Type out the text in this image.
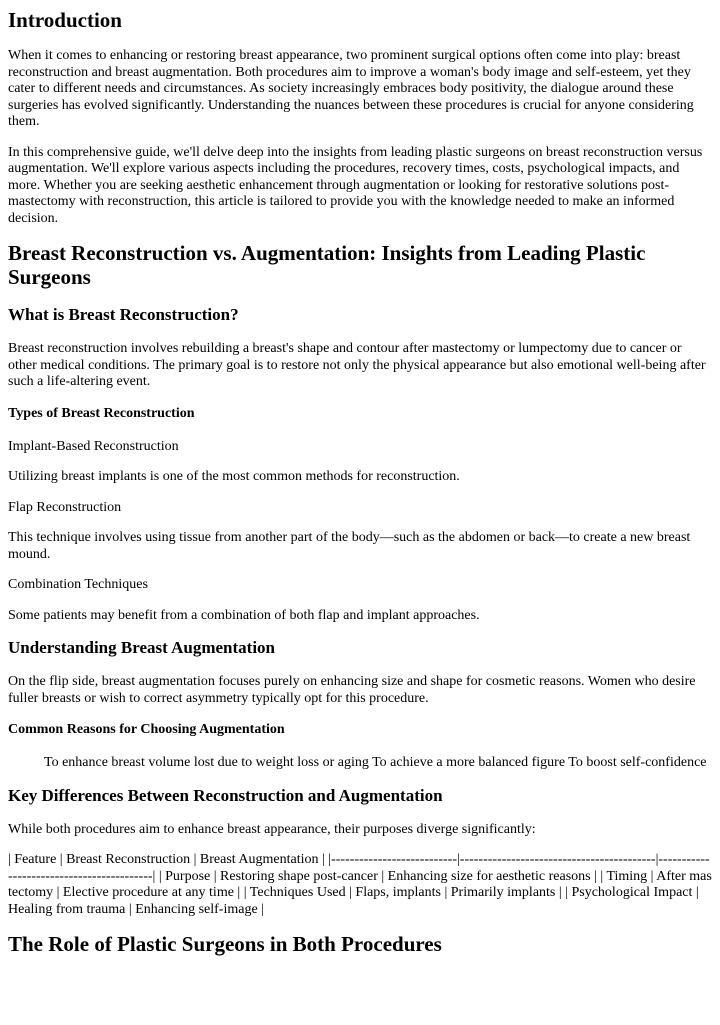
Introduction

When it comes to enhancing or restoring breast appearance, two prominent surgical options often come into play: breast reconstruction and breast augmentation. Both procedures aim to improve a woman's body image and self-esteem, yet they cater to different needs and circumstances. As society increasingly embraces body positivity, the dialogue around these surgeries has evolved significantly. Understanding the nuances between these procedures is crucial for anyone considering them.

In this comprehensive guide, we'll delve deep into the insights from leading plastic surgeons on breast reconstruction versus augmentation. We'll explore various aspects including the procedures, recovery times, costs, psychological impacts, and more. Whether you are seeking aesthetic enhancement through augmentation or looking for restorative solutions post-mastectomy with reconstruction, this article is tailored to provide you with the knowledge needed to make an informed decision.

Breast Reconstruction vs. Augmentation: Insights from Leading Plastic Surgeons
What is Breast Reconstruction?

Breast reconstruction involves rebuilding a breast's shape and contour after mastectomy or lumpectomy due to cancer or other medical conditions. The primary goal is to restore not only the physical appearance but also emotional well-being after such a life-altering event.

Types of Breast Reconstruction

Implant-Based Reconstruction

Utilizing breast implants is one of the most common methods for reconstruction.

Flap Reconstruction

This technique involves using tissue from another part of the body—such as the abdomen or back—to create a new breast mound.

Combination Techniques

Some patients may benefit from a combination of both flap and implant approaches.

Understanding Breast Augmentation

On the flip side, breast augmentation focuses purely on enhancing size and shape for cosmetic reasons. Women who desire fuller breasts or wish to correct asymmetry typically opt for this procedure.

Common Reasons for Choosing Augmentation
To enhance breast volume lost due to weight loss or aging To achieve a more balanced figure To boost self-confidence
Key Differences Between Reconstruction and Augmentation

While both procedures aim to enhance breast appearance, their purposes diverge significantly:

| Feature | Breast Reconstruction | Breast Augmentation | |---------------------------|------------------------------------------|------------------------------------------| | Purpose | Restoring shape post-cancer | Enhancing size for aesthetic reasons | | Timing | After mastectomy | Elective procedure at any time | | Techniques Used | Flaps, implants | Primarily implants | | Psychological Impact | Healing from trauma | Enhancing self-image |

The Role of Plastic Surgeons in Both Procedures
